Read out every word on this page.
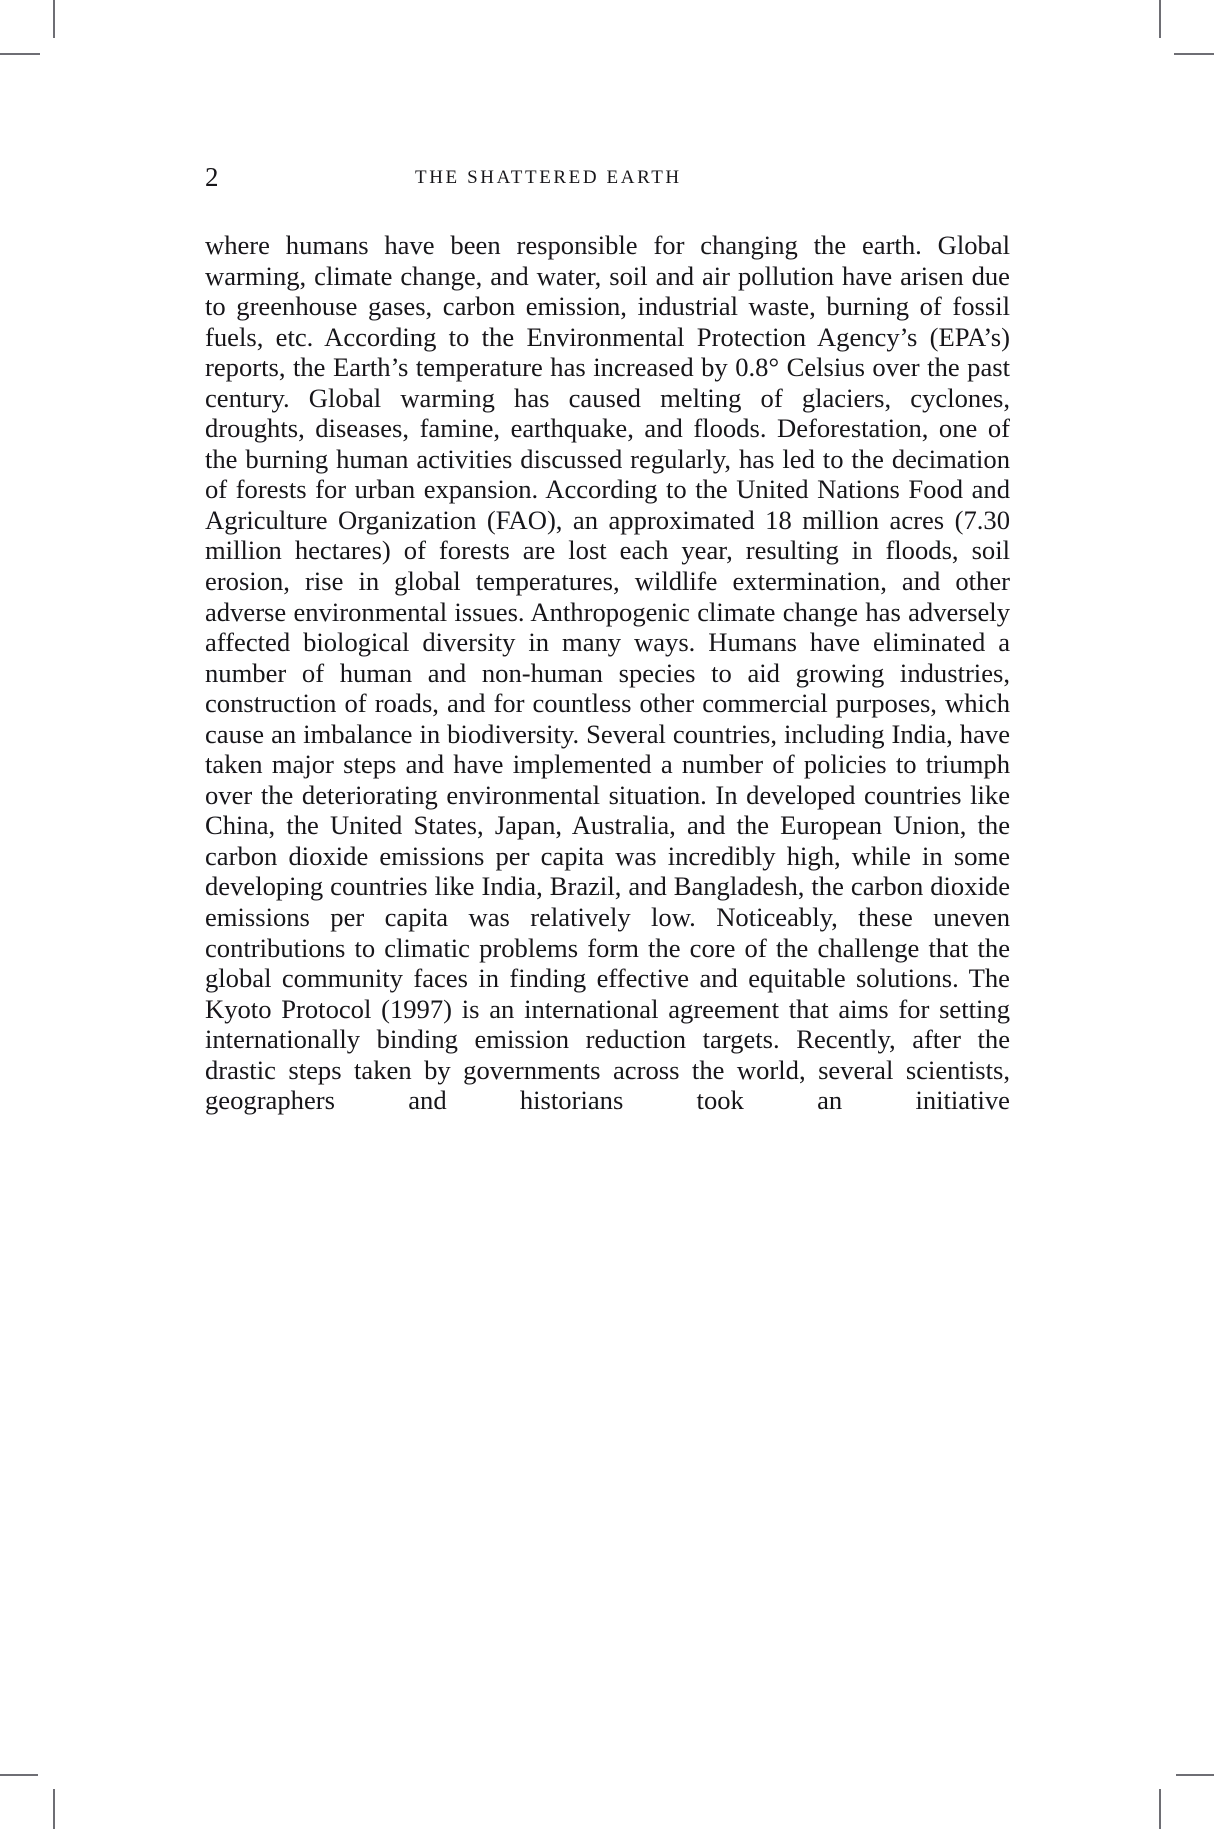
2	THE SHATTERED EARTH

where humans have been responsible for changing the earth. Global warming, climate change, and water, soil and air pollution have arisen due to greenhouse gases, carbon emission, industrial waste, burning of fossil fuels, etc. According to the Environmental Protection Agency’s (EPA’s) reports, the Earth’s temperature has increased by 0.8° Celsius over the past century. Global warming has caused melting of glaciers, cyclones, droughts, diseases, famine, earthquake, and floods. Deforestation, one of the burning human activities discussed regularly, has led to the decimation of forests for urban expansion. According to the United Nations Food and Agriculture Organization (FAO), an approximated 18 million acres (7.30 million hectares) of forests are lost each year, resulting in floods, soil erosion, rise in global temperatures, wildlife extermination, and other adverse environmental issues. Anthropogenic climate change has adversely affected biological diversity in many ways. Humans have eliminated a number of human and non-human species to aid growing industries, construction of roads, and for countless other commercial purposes, which cause an imbalance in biodiversity. Several countries, including India, have taken major steps and have implemented a number of policies to triumph over the deteriorating environmental situation. In developed countries like China, the United States, Japan, Australia, and the European Union, the carbon dioxide emissions per capita was incredibly high, while in some developing countries like India, Brazil, and Bangladesh, the carbon dioxide emissions per capita was relatively low. Noticeably, these uneven contributions to climatic problems form the core of the challenge that the global community faces in finding effective and equitable solutions. The Kyoto Protocol (1997) is an international agreement that aims for setting internationally binding emission reduction targets. Recently, after the drastic steps taken by governments across the world, several scientists, geographers and historians took an initiative
